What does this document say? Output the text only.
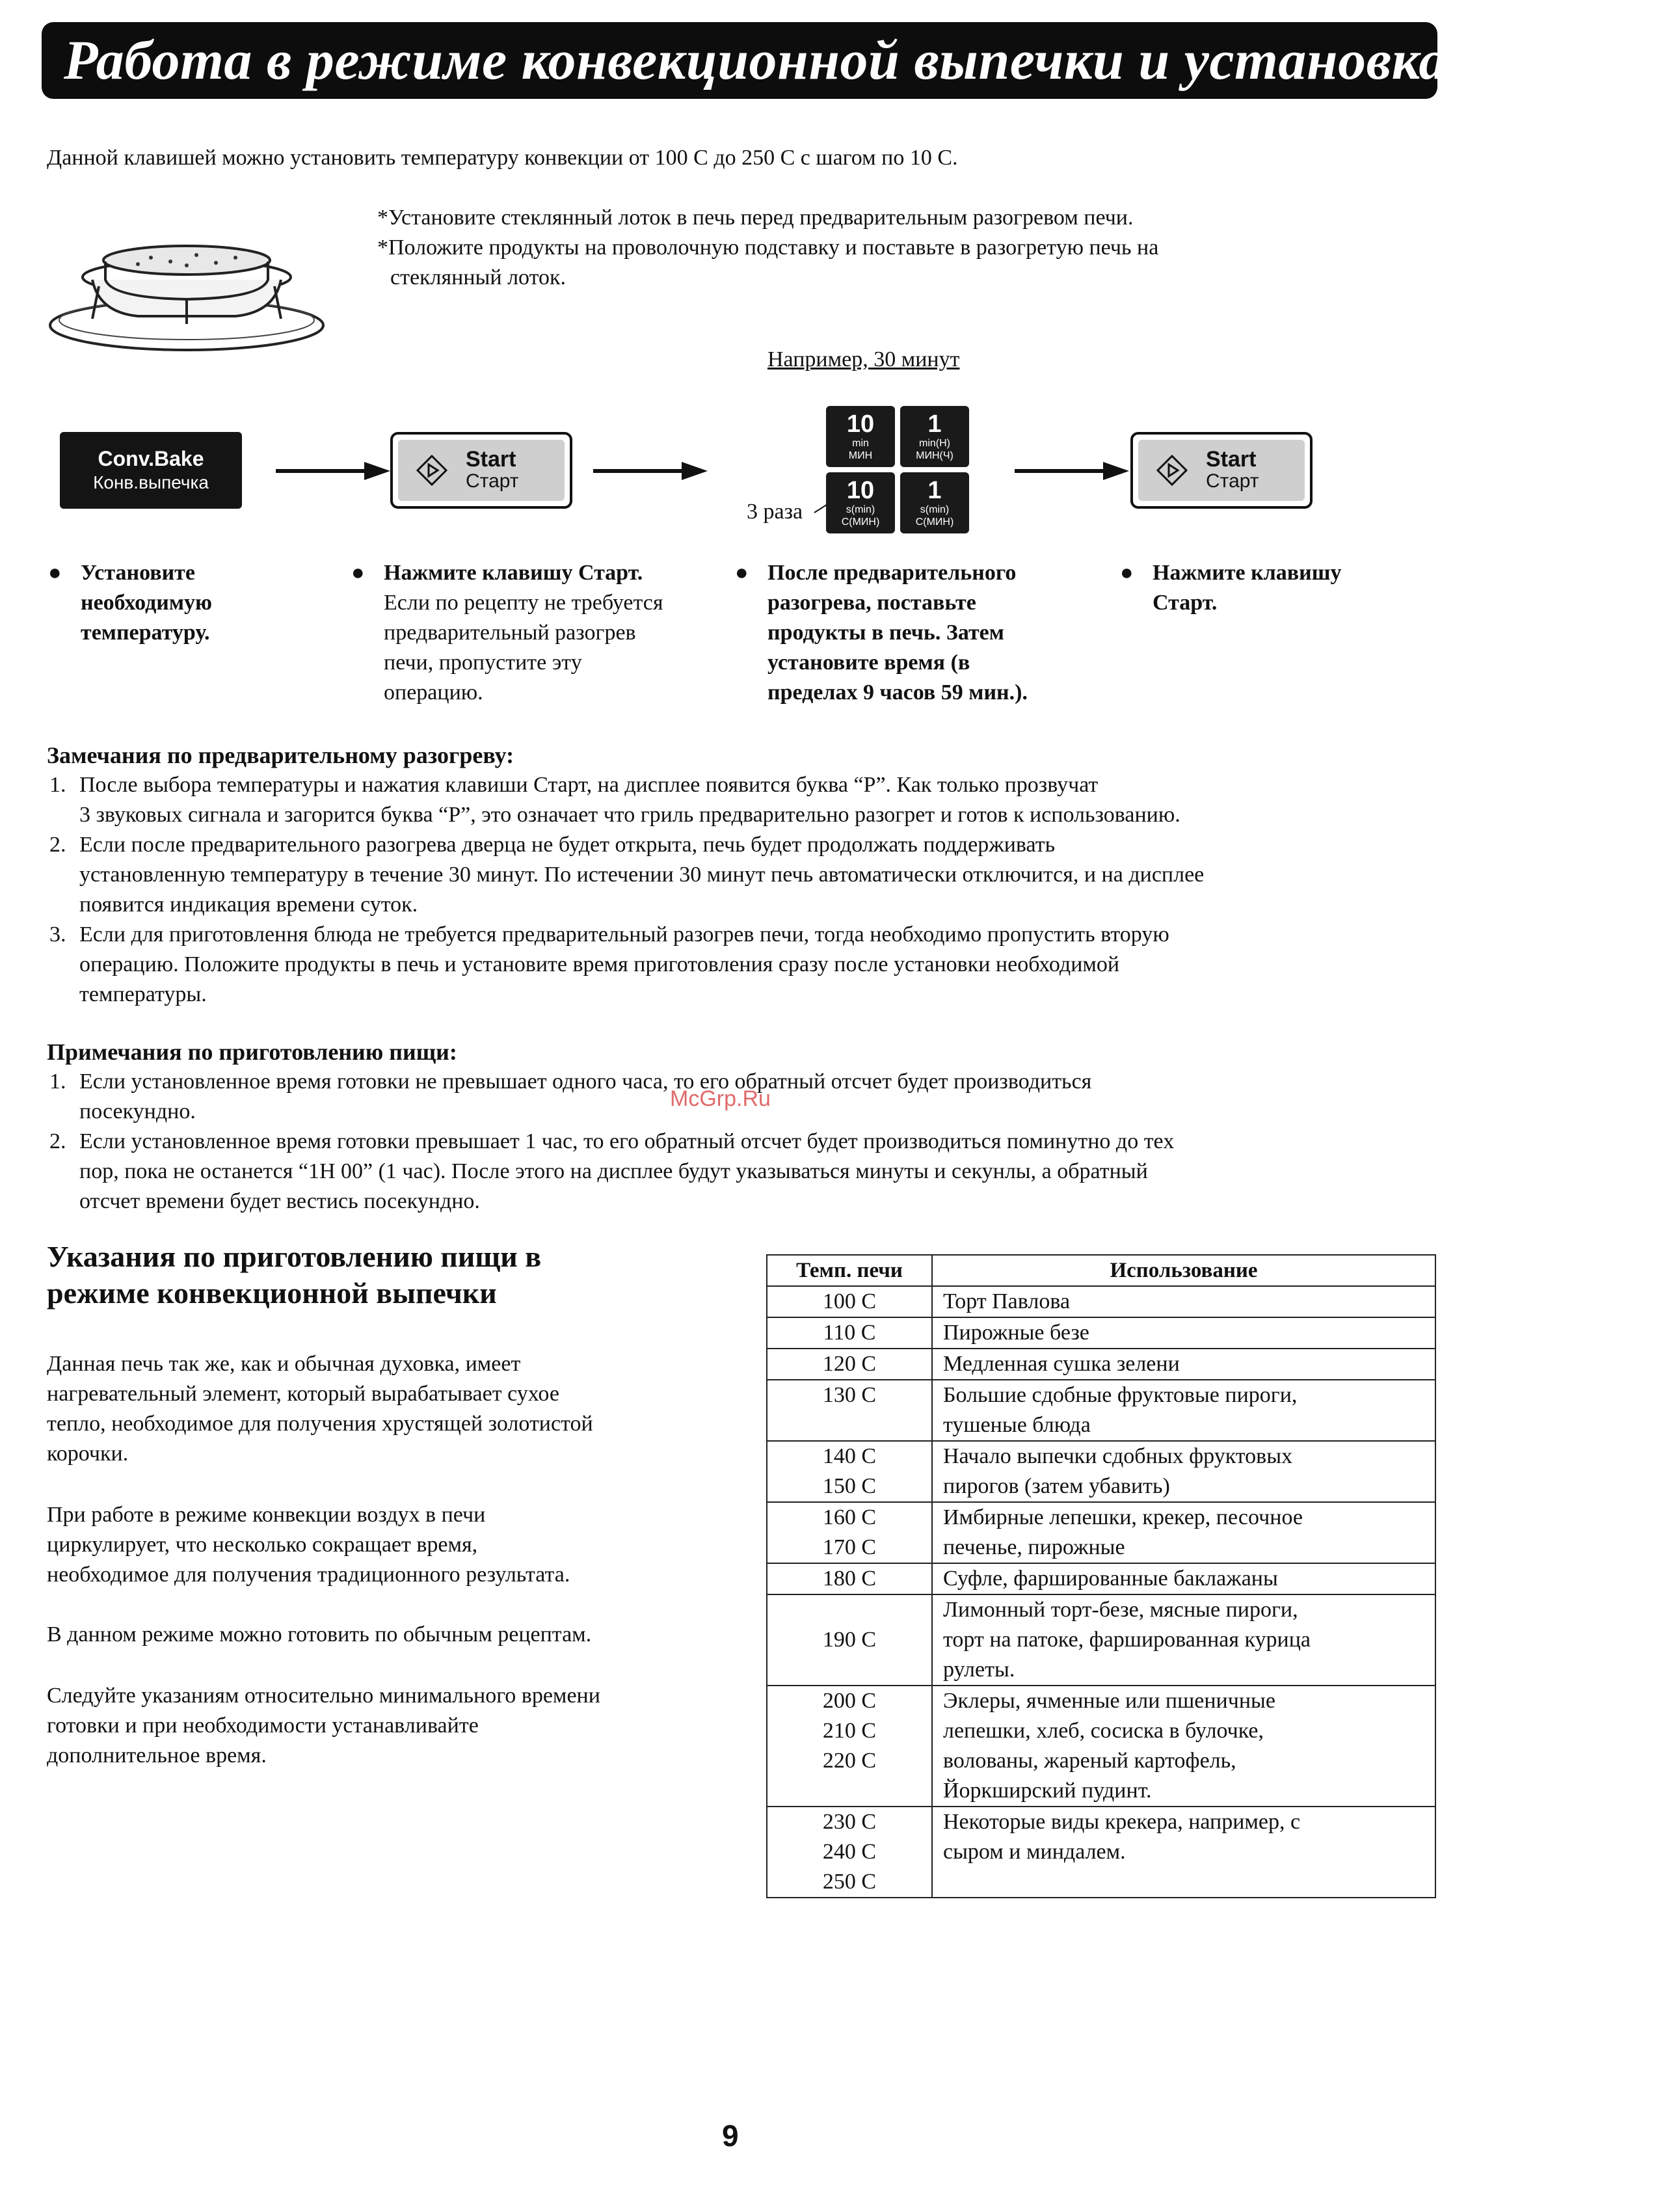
Работа в режиме конвекционной выпечки и установка времени.
Данной клавишей можно установить температуру конвекции от 100 С до 250 С с шагом по 10 С.
*Установите стеклянный лоток в печь перед предварительным разогревом печи.
*Положите продукты на проволочную подставку и поставьте в разогретую печь на
стеклянный лоток.
Например, 30 минут
Conv.Bake
Конв.выпечка
Start
Старт
3 раза
10
min
МИН
1
min(H)
МИН(Ч)
10
s(min)
С(МИН)
1
s(min)
С(МИН)
Start
Старт
● Установите
необходимую
температуру.
● Нажмите клавишу Старт.
Если по рецепту не требуется
предварительный разогрев
печи, пропустите эту
операцию.
● После предварительного
разогрева, поставьте
продукты в печь. Затем
установите время (в
пределах 9 часов 59 мин.).
● Нажмите клавишу
Старт.
Замечания по предварительному разогреву:
1. После выбора температуры и нажатия клавиши Старт, на дисплее появится буква “Р”. Как только прозвучат
3 звуковых сигнала и загорится буква “Р”, это означает что гриль предварительно разогрет и готов к использованию.
2. Если после предварительного разогрева дверца не будет открыта, печь будет продолжать поддерживать
установленную температуру в течение 30 минут. По истечении 30 минут печь автоматически отключится, и на дисплее
появится индикация времени суток.
3. Если для приготовлення блюда не требуется предварительный разогрев печи, тогда необходимо пропустить вторую
операцию. Положите продукты в печь и установите время приготовления сразу после установки необходимой
температуры.
Примечания по приготовлению пищи:
1. Если установленное время готовки не превышает одного часа, то его обратный отсчет будет производиться
посекундно.
2. Если установленное время готовки превышает 1 час, то его обратный отсчет будет производиться поминутно до тех
пор, пока не останется “1Н 00” (1 час). После этого на дисплее будут указываться минуты и секунлы, а обратный
отсчет времени будет вестись посекундно.
McGrp.Ru
Указания по приготовлению пищи в
режиме конвекционной выпечки
Данная печь так же, как и обычная духовка, имеет
нагревательный элемент, который вырабатывает сухое
тепло, необходимое для получения хрустящей золотистой
корочки.
При работе в режиме конвекции воздух в печи
циркулирует, что несколько сокращает время,
необходимое для получения традиционного результата.
В данном режиме можно готовить по обычным рецептам.
Следуйте указаниям относительно минимального времени
готовки и при необходимости устанавливайте
дополнительное время.
Темп. печи	Использование
100 С	Торт Павлова
110 С	Пирожные безе
120 С	Медленная сушка зелени
130 С	Большие сдобные фруктовые пироги,
тушеные блюда
140 С
150 С	Начало выпечки сдобных фруктовых
пирогов (затем убавить)
160 С
170 С	Имбирные лепешки, крекер, песочное
печенье, пирожные
180 С	Суфле, фаршированные баклажаны
190 С	Лимонный торт-безе, мясные пироги,
торт на патоке, фаршированная курица
рулеты.
200 С
210 С
220 С	Эклеры, ячменные или пшеничные
лепешки, хлеб, сосиска в булочке,
волованы, жареный картофель,
Йоркширский пудинт.
230 С
240 С
250 С	Некоторые виды крекера, например, с
сыром и миндалем.
9
